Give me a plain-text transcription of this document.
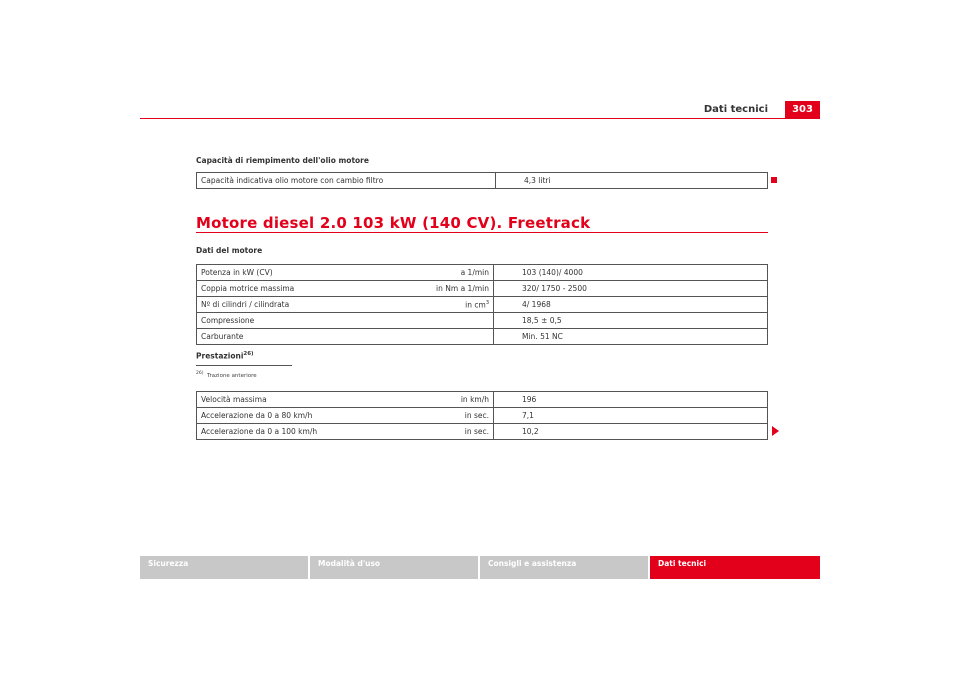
Dati tecnici	303
Capacità di riempimento dell'olio motore
Capacità indicativa olio motore con cambio filtro	4,3 litri
Motore diesel 2.0 103 kW (140 CV). Freetrack
Dati del motore
Potenza in kW (CV)	a 1/min	103 (140)/ 4000
Coppia motrice massima	in Nm a 1/min	320/ 1750 - 2500
Nº di cilindri / cilindrata	in $cm^3$	4/ 1968
Compressione		18,5 ± 0,5
Carburante		Min. 51 NC
Prestazioni$^{26)}$
$^{26)}$ Trazione anteriore
Velocità massima	in km/h	196
Accelerazione da 0 a 80 km/h	in sec.	7,1
Accelerazione da 0 a 100 km/h	in sec.	10,2
Sicurezza	Modalità d'uso	Consigli e assistenza	Dati tecnici
